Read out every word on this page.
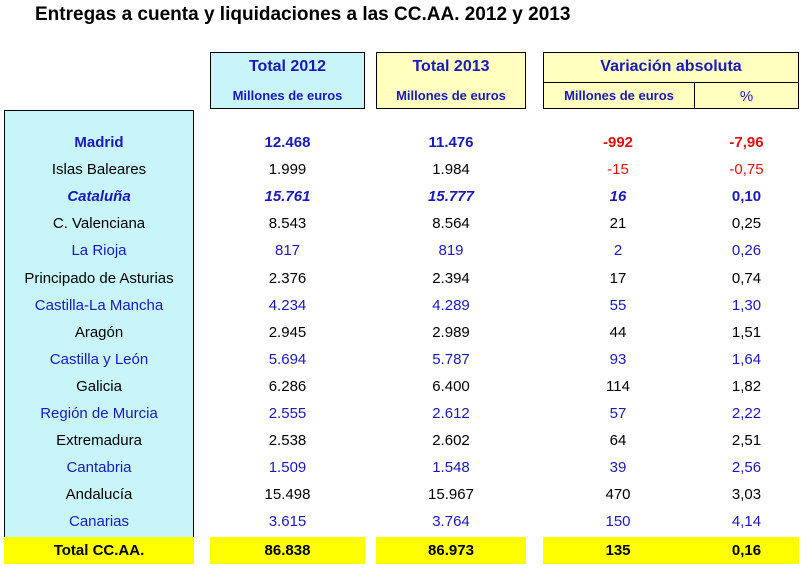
Entregas a cuenta y liquidaciones a las CC.AA. 2012 y 2013
Total 2012
Millones de euros
Total 2013
Millones de euros
Variación absoluta
Millones de euros	%
Madrid	12.468	11.476	-992	-7,96
Islas Baleares	1.999	1.984	-15	-0,75
Cataluña	15.761	15.777	16	0,10
C. Valenciana	8.543	8.564	21	0,25
La Rioja	817	819	2	0,26
Principado de Asturias	2.376	2.394	17	0,74
Castilla-La Mancha	4.234	4.289	55	1,30
Aragón	2.945	2.989	44	1,51
Castilla y León	5.694	5.787	93	1,64
Galicia	6.286	6.400	114	1,82
Región de Murcia	2.555	2.612	57	2,22
Extremadura	2.538	2.602	64	2,51
Cantabria	1.509	1.548	39	2,56
Andalucía	15.498	15.967	470	3,03
Canarias	3.615	3.764	150	4,14
Total CC.AA.	86.838	86.973	135	0,16
